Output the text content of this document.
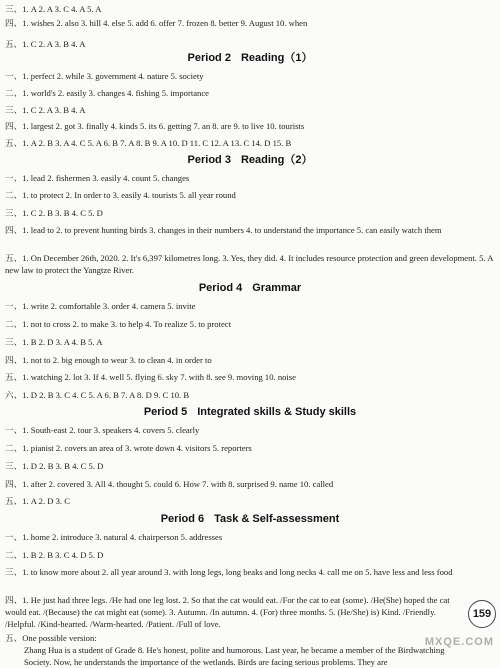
三、1. A 2. A 3. C 4. A 5. A
四、1. wishes 2. also 3. hill 4. else 5. add 6. offer 7. frozen 8. better 9. August 10. when
五、1. C 2. A 3. B 4. A
Period 2 Reading（1）
一、1. perfect 2. while 3. government 4. nature 5. society
二、1. world's 2. easily 3. changes 4. fishing 5. importance
三、1. C 2. A 3. B 4. A
四、1. largest 2. got 3. finally 4. kinds 5. its 6. getting 7. an 8. are 9. to live 10. tourists
五、1. A 2. B 3. A 4. C 5. A 6. B 7. A 8. B 9. A 10. D 11. C 12. A 13. C 14. D 15. B
Period 3 Reading（2）
一、1. lead 2. fishermen 3. easily 4. count 5. changes
二、1. to protect 2. In order to 3. easily 4. tourists 5. all year round
三、1. C 2. B 3. B 4. C 5. D
四、1. lead to 2. to prevent hunting birds 3. changes in their numbers 4. to understand the importance 5. can easily watch them
五、1. On December 26th, 2020. 2. It's 6,397 kilometres long. 3. Yes, they did. 4. It includes resource protection and green development. 5. A new law to protect the Yangtze River.
Period 4 Grammar
一、1. write 2. comfortable 3. order 4. camera 5. invite
二、1. not to cross 2. to make 3. to help 4. To realize 5. to protect
三、1. B 2. D 3. A 4. B 5. A
四、1. not to 2. big enough to wear 3. to clean 4. in order to
五、1. watching 2. lot 3. If 4. well 5. flying 6. sky 7. with 8. see 9. moving 10. noise
六、1. D 2. B 3. C 4. C 5. A 6. B 7. A 8. D 9. C 10. B
Period 5 Integrated skills & Study skills
一、1. South-east 2. tour 3. speakers 4. covers 5. clearly
二、1. pianist 2. covers an area of 3. wrote down 4. visitors 5. reporters
三、1. D 2. B 3. B 4. C 5. D
四、1. after 2. covered 3. All 4. thought 5. could 6. How 7. with 8. surprised 9. name 10. called
五、1. A 2. D 3. C
Period 6 Task & Self-assessment
一、1. home 2. introduce 3. natural 4. chairperson 5. addresses
二、1. B 2. B 3. C 4. D 5. D
三、1. to know more about 2. all year around 3. with long legs, long beaks and long necks 4. call me on 5. have less and less food
四、1. He just had three legs. /He had one leg lost. 2. So that the cat would eat. /For the cat to eat (some). /He(She) hoped the cat would eat. /(Because) the cat might eat (some). 3. Autumn. /In autumn. 4. (For) three months. 5. (He/She) is) Kind. /Friendly. /Helpful. /Kind-hearted. /Warm-hearted. /Patient. /Full of love.
五、One possible version:
Zhang Hua is a student of Grade 8. He's honest, polite and humorous. Last year, he became a member of the Birdwatching Society. Now, he understands the importance of the wetlands. Birds are facing serious problems. They are
159
MXQE.COM
